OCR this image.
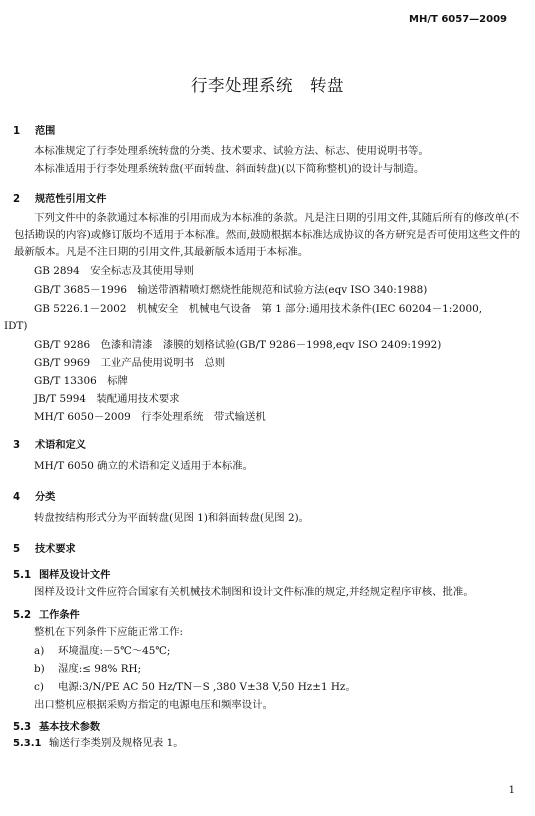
MH/T 6057—2009
行李处理系统　转盘
1 范围
本标准规定了行李处理系统转盘的分类、技术要求、试验方法、标志、使用说明书等。
本标准适用于行李处理系统转盘(平面转盘、斜面转盘)(以下简称整机)的设计与制造。
2 规范性引用文件
下列文件中的条款通过本标准的引用而成为本标准的条款。凡是注日期的引用文件,其随后所有的修改单(不包括勘误的内容)或修订版均不适用于本标准。然而,鼓励根据本标准达成协议的各方研究是否可使用这些文件的最新版本。凡是不注日期的引用文件,其最新版本适用于本标准。
GB 2894　安全标志及其使用导则
GB/T 3685－1996　输送带酒精喷灯燃烧性能规范和试验方法(eqv ISO 340:1988)
GB 5226.1－2002　机械安全　机械电气设备　第 1 部分:通用技术条件(IEC 60204－1:2000,
IDT)
GB/T 9286　色漆和清漆　漆膜的划格试验(GB/T 9286－1998,eqv ISO 2409:1992)
GB/T 9969　工业产品使用说明书　总则
GB/T 13306　标牌
JB/T 5994　装配通用技术要求
MH/T 6050－2009　行李处理系统　带式输送机
3 术语和定义
MH/T 6050 确立的术语和定义适用于本标准。
4 分类
转盘按结构形式分为平面转盘(见图 1)和斜面转盘(见图 2)。
5 技术要求
5.1 图样及设计文件
图样及设计文件应符合国家有关机械技术制图和设计文件标准的规定,并经规定程序审核、批准。
5.2 工作条件
整机在下列条件下应能正常工作:
a) 环境温度:－5℃～45℃;
b) 湿度:≤ 98% RH;
c) 电源:3/N/PE AC 50 Hz/TN－S ,380 V±38 V,50 Hz±1 Hz。
出口整机应根据采购方指定的电源电压和频率设计。
5.3 基本技术参数
5.3.1 输送行李类别及规格见表 1。
1
